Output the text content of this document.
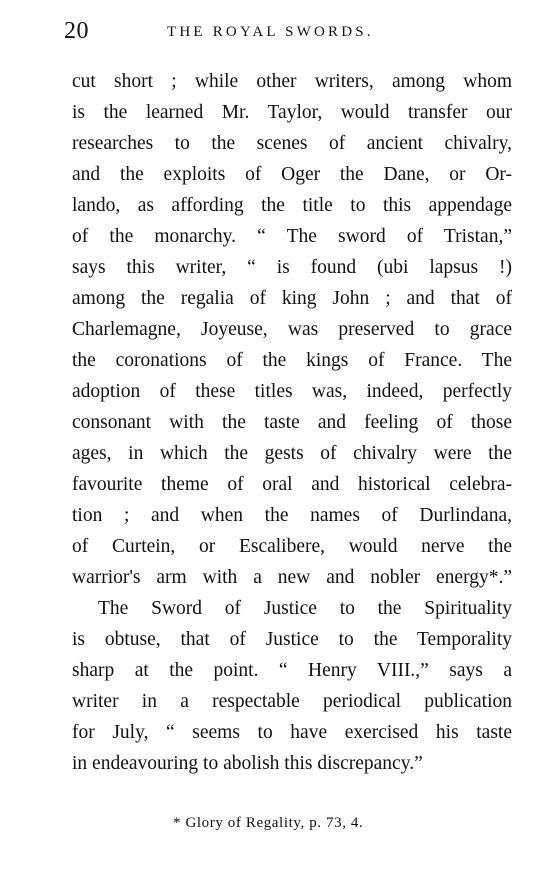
20	THE ROYAL SWORDS.
cut short ; while other writers, among whom
is the learned Mr. Taylor, would transfer our
researches to the scenes of ancient chivalry,
and the exploits of Oger the Dane, or Or-
lando, as affording the title to this appendage
of the monarchy. “ The sword of Tristan,”
says this writer, “ is found (ubi lapsus !)
among the regalia of king John ; and that of
Charlemagne, Joyeuse, was preserved to grace
the coronations of the kings of France. The
adoption of these titles was, indeed, perfectly
consonant with the taste and feeling of those
ages, in which the gests of chivalry were the
favourite theme of oral and historical celebra-
tion ; and when the names of Durlindana,
of Curtein, or Escalibere, would nerve the
warrior's arm with a new and nobler energy*.”
The Sword of Justice to the Spirituality
is obtuse, that of Justice to the Temporality
sharp at the point. “ Henry VIII.,” says a
writer in a respectable periodical publication
for July, “ seems to have exercised his taste
in endeavouring to abolish this discrepancy.”
* Glory of Regality, p. 73, 4.
